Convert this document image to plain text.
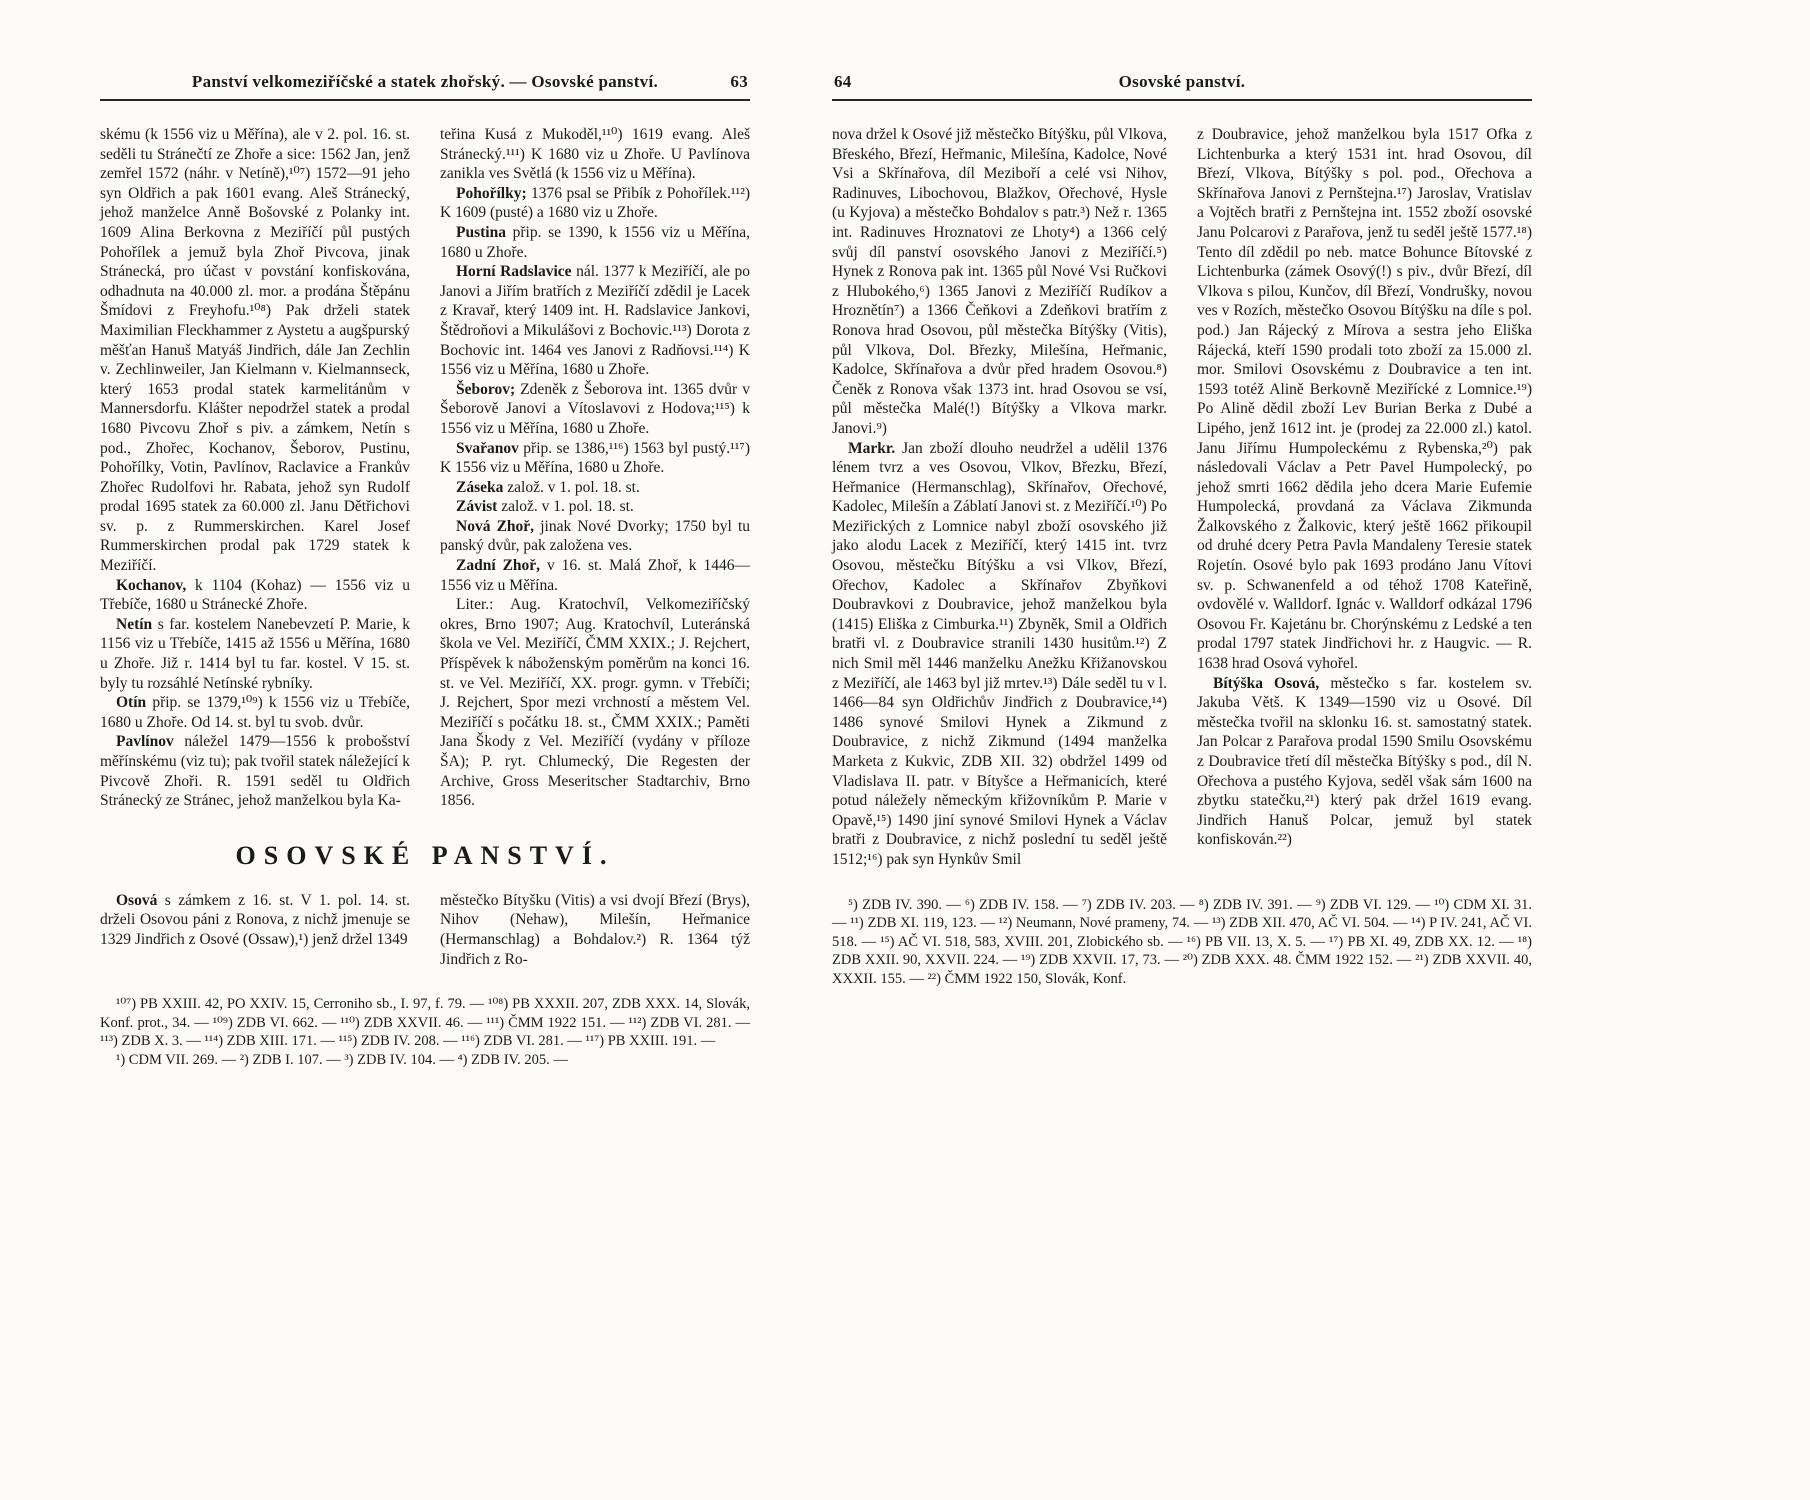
Panství velkomeziříčské a statek zhořský. — Osovské panství.	63

skému (k 1556 viz u Měřína), ale v 2. pol. 16. st. seděli tu Stránečtí ze Zhoře a sice: 1562 Jan, jenž zemřel 1572 (náhr. v Netíně),¹⁰⁷) 1572—91 jeho syn Oldřich a pak 1601 evang. Aleš Stránecký, jehož manželce Anně Bošovské z Polanky int. 1609 Alina Berkovna z Meziříčí půl pustých Pohořílek a jemuž byla Zhoř Pivcova, jinak Stránecká, pro účast v povstání konfiskována, odhadnuta na 40.000 zl. mor. a prodána Štěpánu Šmídovi z Freyhofu.¹⁰⁸) Pak drželi statek Maximilian Fleckhammer z Aystetu a augšpurský měšťan Hanuš Matyáš Jindřich, dále Jan Zechlin v. Zechlinweiler, Jan Kielmann v. Kielmannseck, který 1653 prodal statek karmelitánům v Mannersdorfu. Klášter nepodržel statek a prodal 1680 Pivcovu Zhoř s piv. a zámkem, Netín s pod., Zhořec, Kochanov, Šeborov, Pustinu, Pohořílky, Votin, Pavlínov, Raclavice a Frankův Zhořec Rudolfovi hr. Rabata, jehož syn Rudolf prodal 1695 statek za 60.000 zl. Janu Dětřichovi sv. p. z Rummerskirchen. Karel Josef Rummerskirchen prodal pak 1729 statek k Meziříčí.

Kochanov, k 1104 (Kohaz) — 1556 viz u Třebíče, 1680 u Stránecké Zhoře.

Netín s far. kostelem Nanebevzetí P. Marie, k 1156 viz u Třebíče, 1415 až 1556 u Měřína, 1680 u Zhoře. Již r. 1414 byl tu far. kostel. V 15. st. byly tu rozsáhlé Netínské rybníky.

Otín přip. se 1379,¹⁰⁹) k 1556 viz u Třebíče, 1680 u Zhoře. Od 14. st. byl tu svob. dvůr.

Pavlínov náležel 1479—1556 k probošství měřínskému (viz tu); pak tvořil statek náležející k Pivcově Zhoři. R. 1591 seděl tu Oldřich Stránecký ze Stránec, jehož manželkou byla Ka-

teřina Kusá z Mukoděl,¹¹⁰) 1619 evang. Aleš Stránecký.¹¹¹) K 1680 viz u Zhoře. U Pavlínova zanikla ves Světlá (k 1556 viz u Měřína).

Pohořílky; 1376 psal se Přibík z Pohořílek.¹¹²) K 1609 (pusté) a 1680 viz u Zhoře.

Pustina přip. se 1390, k 1556 viz u Měřína, 1680 u Zhoře.

Horní Radslavice nál. 1377 k Meziříčí, ale po Janovi a Jiřím bratřích z Meziříčí zdědil je Lacek z Kravař, který 1409 int. H. Radslavice Jankovi, Štědroňovi a Mikulášovi z Bochovic.¹¹³) Dorota z Bochovic int. 1464 ves Janovi z Radňovsi.¹¹⁴) K 1556 viz u Měřína, 1680 u Zhoře.

Šeborov; Zdeněk z Šeborova int. 1365 dvůr v Šeborově Janovi a Vítoslavovi z Hodova;¹¹⁵) k 1556 viz u Měřína, 1680 u Zhoře.

Svařanov přip. se 1386,¹¹⁶) 1563 byl pustý.¹¹⁷) K 1556 viz u Měřína, 1680 u Zhoře.

Záseka založ. v 1. pol. 18. st.

Závist založ. v 1. pol. 18. st.

Nová Zhoř, jinak Nové Dvorky; 1750 byl tu panský dvůr, pak založena ves.

Zadní Zhoř, v 16. st. Malá Zhoř, k 1446—1556 viz u Měřína.

Liter.: Aug. Kratochvíl, Velkomeziříčský okres, Brno 1907; Aug. Kratochvíl, Luteránská škola ve Vel. Meziříčí, ČMM XXIX.; J. Rejchert, Příspěvek k náboženským poměrům na konci 16. st. ve Vel. Meziříčí, XX. progr. gymn. v Třebíči; J. Rejchert, Spor mezi vrchností a městem Vel. Meziříčí s počátku 18. st., ČMM XXIX.; Paměti Jana Škody z Vel. Meziříčí (vydány v příloze ŠA); P. ryt. Chlumecký, Die Regesten der Archive, Gross Meseritscher Stadtarchiv, Brno 1856.

OSOVSKÉ PANSTVÍ.

Osová s zámkem z 16. st. V 1. pol. 14. st. drželi Osovou páni z Ronova, z nichž jmenuje se 1329 Jindřich z Osové (Ossaw),¹) jenž držel 1349

městečko Bítyšku (Vitis) a vsi dvojí Březí (Brys), Nihov (Nehaw), Milešín, Heřmanice (Hermanschlag) a Bohdalov.²) R. 1364 týž Jindřich z Ro-

¹⁰⁷) PB XXIII. 42, PO XXIV. 15, Cerroniho sb., I. 97, f. 79. — ¹⁰⁸) PB XXXII. 207, ZDB XXX. 14, Slovák, Konf. prot., 34. — ¹⁰⁹) ZDB VI. 662. — ¹¹⁰) ZDB XXVII. 46. — ¹¹¹) ČMM 1922 151. — ¹¹²) ZDB VI. 281. — ¹¹³) ZDB X. 3. — ¹¹⁴) ZDB XIII. 171. — ¹¹⁵) ZDB IV. 208. — ¹¹⁶) ZDB VI. 281. — ¹¹⁷) PB XXIII. 191. —

¹) CDM VII. 269. — ²) ZDB I. 107. — ³) ZDB IV. 104. — ⁴) ZDB IV. 205. —

64	Osovské panství.

nova držel k Osové již městečko Bítýšku, půl Vlkova, Břeského, Březí, Heřmanic, Milešína, Kadolce, Nové Vsi a Skřínařova, díl Meziboří a celé vsi Nihov, Radinuves, Libochovou, Blažkov, Ořechové, Hysle (u Kyjova) a městečko Bohdalov s patr.³) Než r. 1365 int. Radinuves Hroznatovi ze Lhoty⁴) a 1366 celý svůj díl panství osovského Janovi z Meziříčí.⁵) Hynek z Ronova pak int. 1365 půl Nové Vsi Ručkovi z Hlubokého,⁶) 1365 Janovi z Meziříčí Rudíkov a Hroznětín⁷) a 1366 Čeňkovi a Zdeňkovi bratřím z Ronova hrad Osovou, půl městečka Bítýšky (Vitis), půl Vlkova, Dol. Březky, Milešína, Heřmanic, Kadolce, Skřínařova a dvůr před hradem Osovou.⁸) Čeněk z Ronova však 1373 int. hrad Osovou se vsí, půl městečka Malé(!) Bítýšky a Vlkova markr. Janovi.⁹)

Markr. Jan zboží dlouho neudržel a udělil 1376 lénem tvrz a ves Osovou, Vlkov, Březku, Březí, Heřmanice (Hermanschlag), Skřínařov, Ořechové, Kadolec, Milešín a Záblatí Janovi st. z Meziříčí.¹⁰) Po Meziřických z Lomnice nabyl zboží osovského již jako alodu Lacek z Meziříčí, který 1415 int. tvrz Osovou, městečku Bítýšku a vsi Vlkov, Březí, Ořechov, Kadolec a Skřínařov Zbyňkovi Doubravkovi z Doubravice, jehož manželkou byla (1415) Eliška z Cimburka.¹¹) Zbyněk, Smil a Oldřich bratři vl. z Doubravice stranili 1430 husitům.¹²) Z nich Smil měl 1446 manželku Anežku Křižanovskou z Meziříčí, ale 1463 byl již mrtev.¹³) Dále seděl tu v l. 1466—84 syn Oldřichův Jindřich z Doubravice,¹⁴) 1486 synové Smilovi Hynek a Zikmund z Doubravice, z nichž Zikmund (1494 manželka Marketa z Kukvic, ZDB XII. 32) obdržel 1499 od Vladislava II. patr. v Bítyšce a Heřmanicích, které potud náležely německým křižovníkům P. Marie v Opavě,¹⁵) 1490 jiní synové Smilovi Hynek a Václav bratři z Doubravice, z nichž poslední tu seděl ještě 1512;¹⁶) pak syn Hynkův Smil

z Doubravice, jehož manželkou byla 1517 Ofka z Lichtenburka a který 1531 int. hrad Osovou, díl Březí, Vlkova, Bítýšky s pol. pod., Ořechova a Skřínařova Janovi z Pernštejna.¹⁷) Jaroslav, Vratislav a Vojtěch bratři z Pernštejna int. 1552 zboží osovské Janu Polcarovi z Parařova, jenž tu seděl ještě 1577.¹⁸) Tento díl zdědil po neb. matce Bohunce Bítovské z Lichtenburka (zámek Osový(!) s piv., dvůr Březí, díl Vlkova s pilou, Kunčov, díl Březí, Vondrušky, novou ves v Rozích, městečko Osovou Bítýšku na díle s pol. pod.) Jan Rájecký z Mírova a sestra jeho Eliška Rájecká, kteří 1590 prodali toto zboží za 15.000 zl. mor. Smilovi Osovskému z Doubravice a ten int. 1593 totéž Alině Berkovně Meziřícké z Lomnice.¹⁹) Po Alině dědil zboží Lev Burian Berka z Dubé a Lipého, jenž 1612 int. je (prodej za 22.000 zl.) katol. Janu Jiřímu Humpoleckému z Rybenska,²⁰) pak následovali Václav a Petr Pavel Humpolecký, po jehož smrti 1662 dědila jeho dcera Marie Eufemie Humpolecká, provdaná za Václava Zikmunda Žalkovského z Žalkovic, který ještě 1662 přikoupil od druhé dcery Petra Pavla Mandaleny Teresie statek Rojetín. Osové bylo pak 1693 prodáno Janu Vítovi sv. p. Schwanenfeld a od téhož 1708 Kateřině, ovdovělé v. Walldorf. Ignác v. Walldorf odkázal 1796 Osovou Fr. Kajetánu br. Chorýnskému z Ledské a ten prodal 1797 statek Jindřichovi hr. z Haugvic. — R. 1638 hrad Osová vyhořel.

Bítýška Osová, městečko s far. kostelem sv. Jakuba Větš. K 1349—1590 viz u Osové. Díl městečka tvořil na sklonku 16. st. samostatný statek. Jan Polcar z Parařova prodal 1590 Smilu Osovskému z Doubravice třetí díl městečka Bítýšky s pod., díl N. Ořechova a pustého Kyjova, seděl však sám 1600 na zbytku statečku,²¹) který pak držel 1619 evang. Jindřich Hanuš Polcar, jemuž byl statek konfiskován.²²)

⁵) ZDB IV. 390. — ⁶) ZDB IV. 158. — ⁷) ZDB IV. 203. — ⁸) ZDB IV. 391. — ⁹) ZDB VI. 129. — ¹⁰) CDM XI. 31. — ¹¹) ZDB XI. 119, 123. — ¹²) Neumann, Nové prameny, 74. — ¹³) ZDB XII. 470, AČ VI. 504. — ¹⁴) P IV. 241, AČ VI. 518. — ¹⁵) AČ VI. 518, 583, XVIII. 201, Zlobického sb. — ¹⁶) PB VII. 13, X. 5. — ¹⁷) PB XI. 49, ZDB XX. 12. — ¹⁸) ZDB XXII. 90, XXVII. 224. — ¹⁹) ZDB XXVII. 17, 73. — ²⁰) ZDB XXX. 48. ČMM 1922 152. — ²¹) ZDB XXVII. 40, XXXII. 155. — ²²) ČMM 1922 150, Slovák, Konf.
